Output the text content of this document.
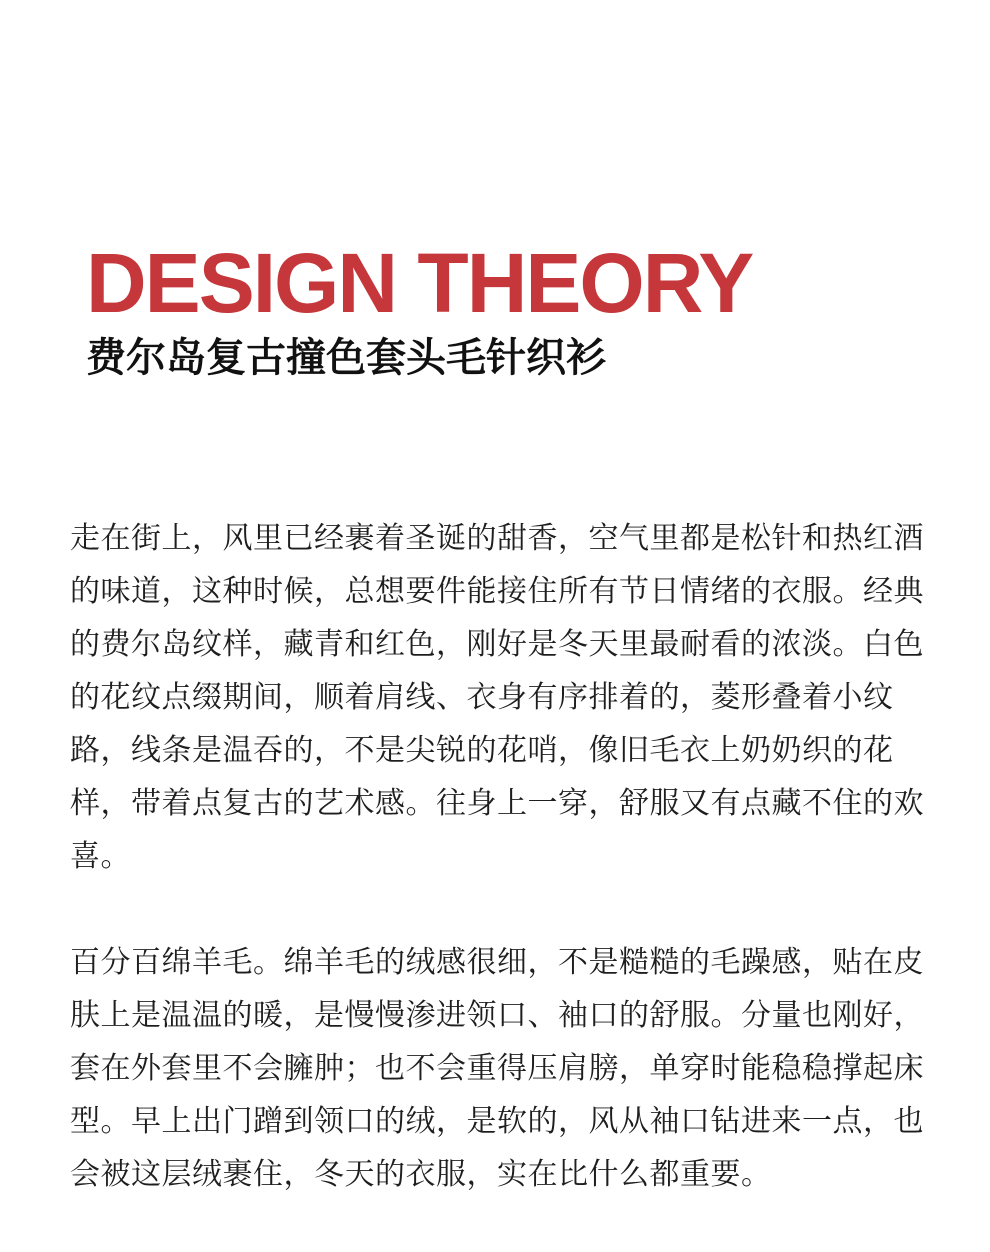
DESIGN THEORY
费尔岛复古撞色套头毛针织衫

走在街上，风里已经裹着圣诞的甜香，空气里都是松针和热红酒的味道，这种时候，总想要件能接住所有节日情绪的衣服。经典的费尔岛纹样，藏青和红色，刚好是冬天里最耐看的浓淡。白色的花纹点缀期间，顺着肩线、衣身有序排着的，菱形叠着小纹路，线条是温吞的，不是尖锐的花哨，像旧毛衣上奶奶织的花样，带着点复古的艺术感。往身上一穿，舒服又有点藏不住的欢喜。

百分百绵羊毛。绵羊毛的绒感很细，不是糙糙的毛躁感，贴在皮肤上是温温的暖，是慢慢渗进领口、袖口的舒服。分量也刚好，套在外套里不会臃肿；也不会重得压肩膀，单穿时能稳稳撑起床型。早上出门蹭到领口的绒，是软的，风从袖口钻进来一点，也会被这层绒裹住，冬天的衣服，实在比什么都重要。
